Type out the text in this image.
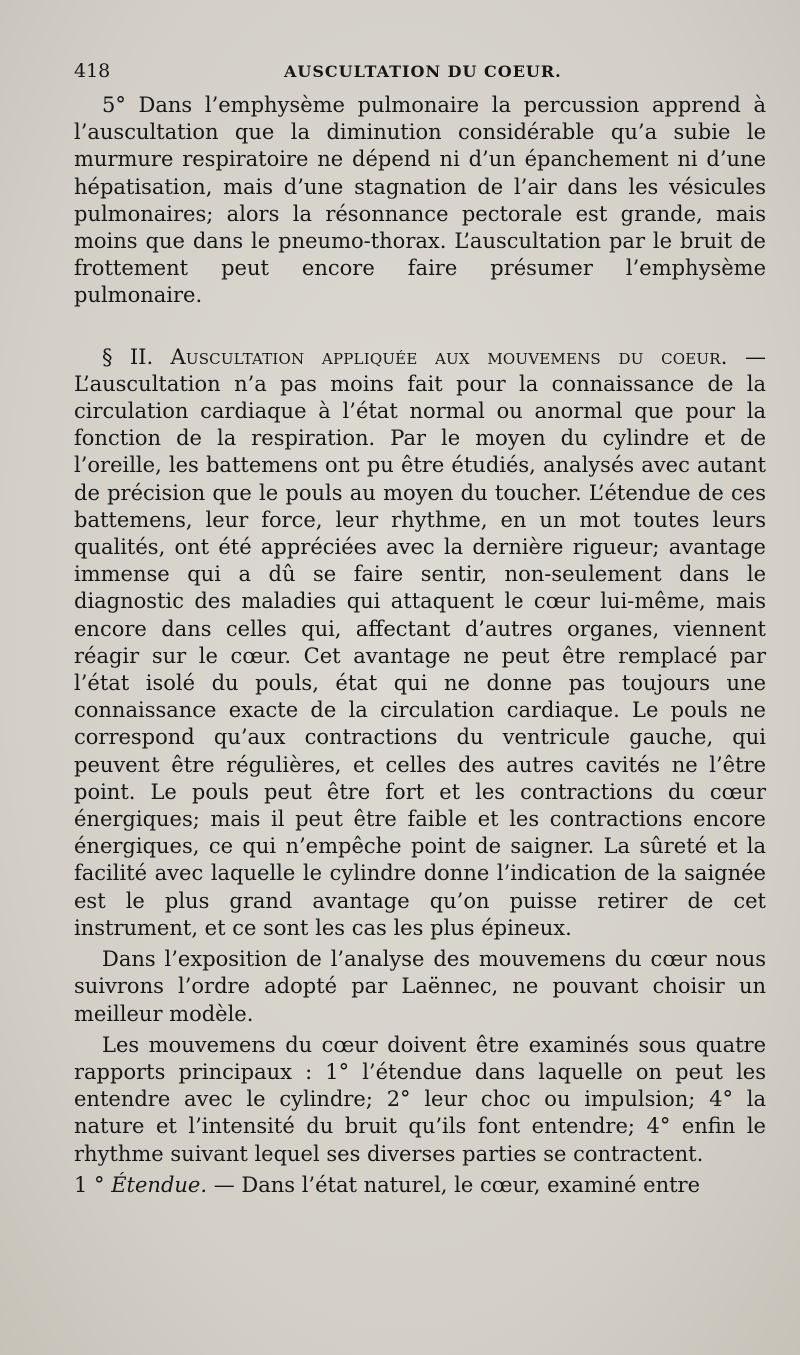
418	AUSCULTATION DU COEUR.

5° Dans l’emphysème pulmonaire la percussion apprend à l’auscultation que la diminution considérable qu’a subie le murmure respiratoire ne dépend ni d’un épanchement ni d’une hépatisation, mais d’une stagnation de l’air dans les vésicules pulmonaires; alors la résonnance pectorale est grande, mais moins que dans le pneumo-thorax. L’auscultation par le bruit de frottement peut encore faire présumer l’emphysème pulmonaire.

§ II. Auscultation appliquée aux mouvemens du coeur. — L’auscultation n’a pas moins fait pour la connaissance de la circulation cardiaque à l’état normal ou anormal que pour la fonction de la respiration. Par le moyen du cylindre et de l’oreille, les battemens ont pu être étudiés, analysés avec autant de précision que le pouls au moyen du toucher. L’étendue de ces battemens, leur force, leur rhythme, en un mot toutes leurs qualités, ont été appréciées avec la dernière rigueur; avantage immense qui a dû se faire sentir, non-seulement dans le diagnostic des maladies qui attaquent le cœur lui-même, mais encore dans celles qui, affectant d’autres organes, viennent réagir sur le cœur. Cet avantage ne peut être remplacé par l’état isolé du pouls, état qui ne donne pas toujours une connaissance exacte de la circulation cardiaque. Le pouls ne correspond qu’aux contractions du ventricule gauche, qui peuvent être régulières, et celles des autres cavités ne l’être point. Le pouls peut être fort et les contractions du cœur énergiques; mais il peut être faible et les contractions encore énergiques, ce qui n’empêche point de saigner. La sûreté et la facilité avec laquelle le cylindre donne l’indication de la saignée est le plus grand avantage qu’on puisse retirer de cet instrument, et ce sont les cas les plus épineux.

Dans l’exposition de l’analyse des mouvemens du cœur nous suivrons l’ordre adopté par Laënnec, ne pouvant choisir un meilleur modèle.

Les mouvemens du cœur doivent être examinés sous quatre rapports principaux : 1° l’étendue dans laquelle on peut les entendre avec le cylindre; 2° leur choc ou impulsion; 4° la nature et l’intensité du bruit qu’ils font entendre; 4° enfin le rhythme suivant lequel ses diverses parties se contractent.

1 ° Étendue. — Dans l’état naturel, le cœur, examiné entre
